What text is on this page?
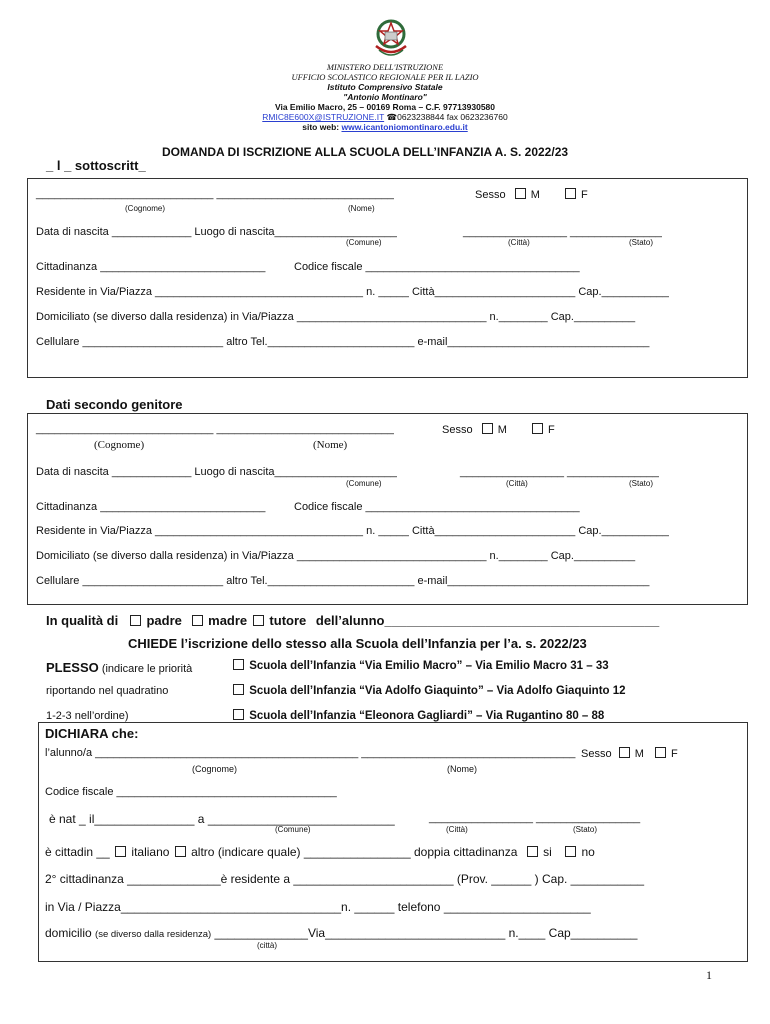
MINISTERO DELL'ISTRUZIONE
UFFICIO SCOLASTICO REGIONALE PER IL LAZIO
Istituto Comprensivo Statale
"Antonio Montinaro"
Via Emilio Macro, 25 – 00169 Roma – C.F. 97713930580
RMIC8E600X@ISTRUZIONE.IT ☎0623238844 fax 0623236760
sito web: www.icantoniomontinaro.edu.it
DOMANDA DI ISCRIZIONE ALLA SCUOLA DELL’INFANZIA A. S. 2022/23
_ l _ sottoscritt_
_____________________________ _____________________________	Sesso M	F
(Cognome)	(Nome)
Data di nascita _____________ Luogo di nascita____________________	_________________ _______________
(Comune)	(Città)	(Stato)
Cittadinanza ___________________________	Codice fiscale ___________________________________
Residente in Via/Piazza __________________________________ n. _____ Città_______________________ Cap.___________
Domiciliato (se diverso dalla residenza) in Via/Piazza _______________________________ n.________ Cap.__________
Cellulare _______________________ altro Tel.________________________ e-mail_________________________________
Dati secondo genitore
_____________________________ _____________________________	Sesso M	F
(Cognome)	(Nome)
Data di nascita _____________ Luogo di nascita____________________	_________________ _______________
(Comune)	(Città)	(Stato)
Cittadinanza ___________________________	Codice fiscale ___________________________________
Residente in Via/Piazza __________________________________ n. _____ Città_______________________ Cap.___________
Domiciliato (se diverso dalla residenza) in Via/Piazza _______________________________ n.________ Cap.__________
Cellulare _______________________ altro Tel.________________________ e-mail_________________________________
In qualità di padre madre tutore dell’alunno______________________________________
CHIEDE l’iscrizione dello stesso alla Scuola dell’Infanzia per l’a. s. 2022/23
PLESSO (indicare le priorità
riportando nel quadratino
1-2-3 nell’ordine)
Scuola dell’Infanzia “Via Emilio Macro” – Via Emilio Macro 31 – 33
Scuola dell’Infanzia “Via Adolfo Giaquinto” – Via Adolfo Giaquinto 12
Scuola dell’Infanzia “Eleonora Gagliardi” – Via Rugantino 80 – 88
DICHIARA che:
l’alunno/a ___________________________________________ ___________________________________ Sesso M F
(Cognome)	(Nome)
Codice fiscale ____________________________________
è nat _ il_______________ a ____________________________	_________________ _________________
(Comune)	(Città)	(Stato)
è cittadin __ italiano altro (indicare quale) ________________ doppia cittadinanza si no
2° cittadinanza ______________è residente a ________________________ (Prov. ______ ) Cap. ___________
in Via / Piazza_________________________________n. ______ telefono ______________________
domicilio (se diverso dalla residenza) ______________Via___________________________ n.____ Cap__________
(città)
1
